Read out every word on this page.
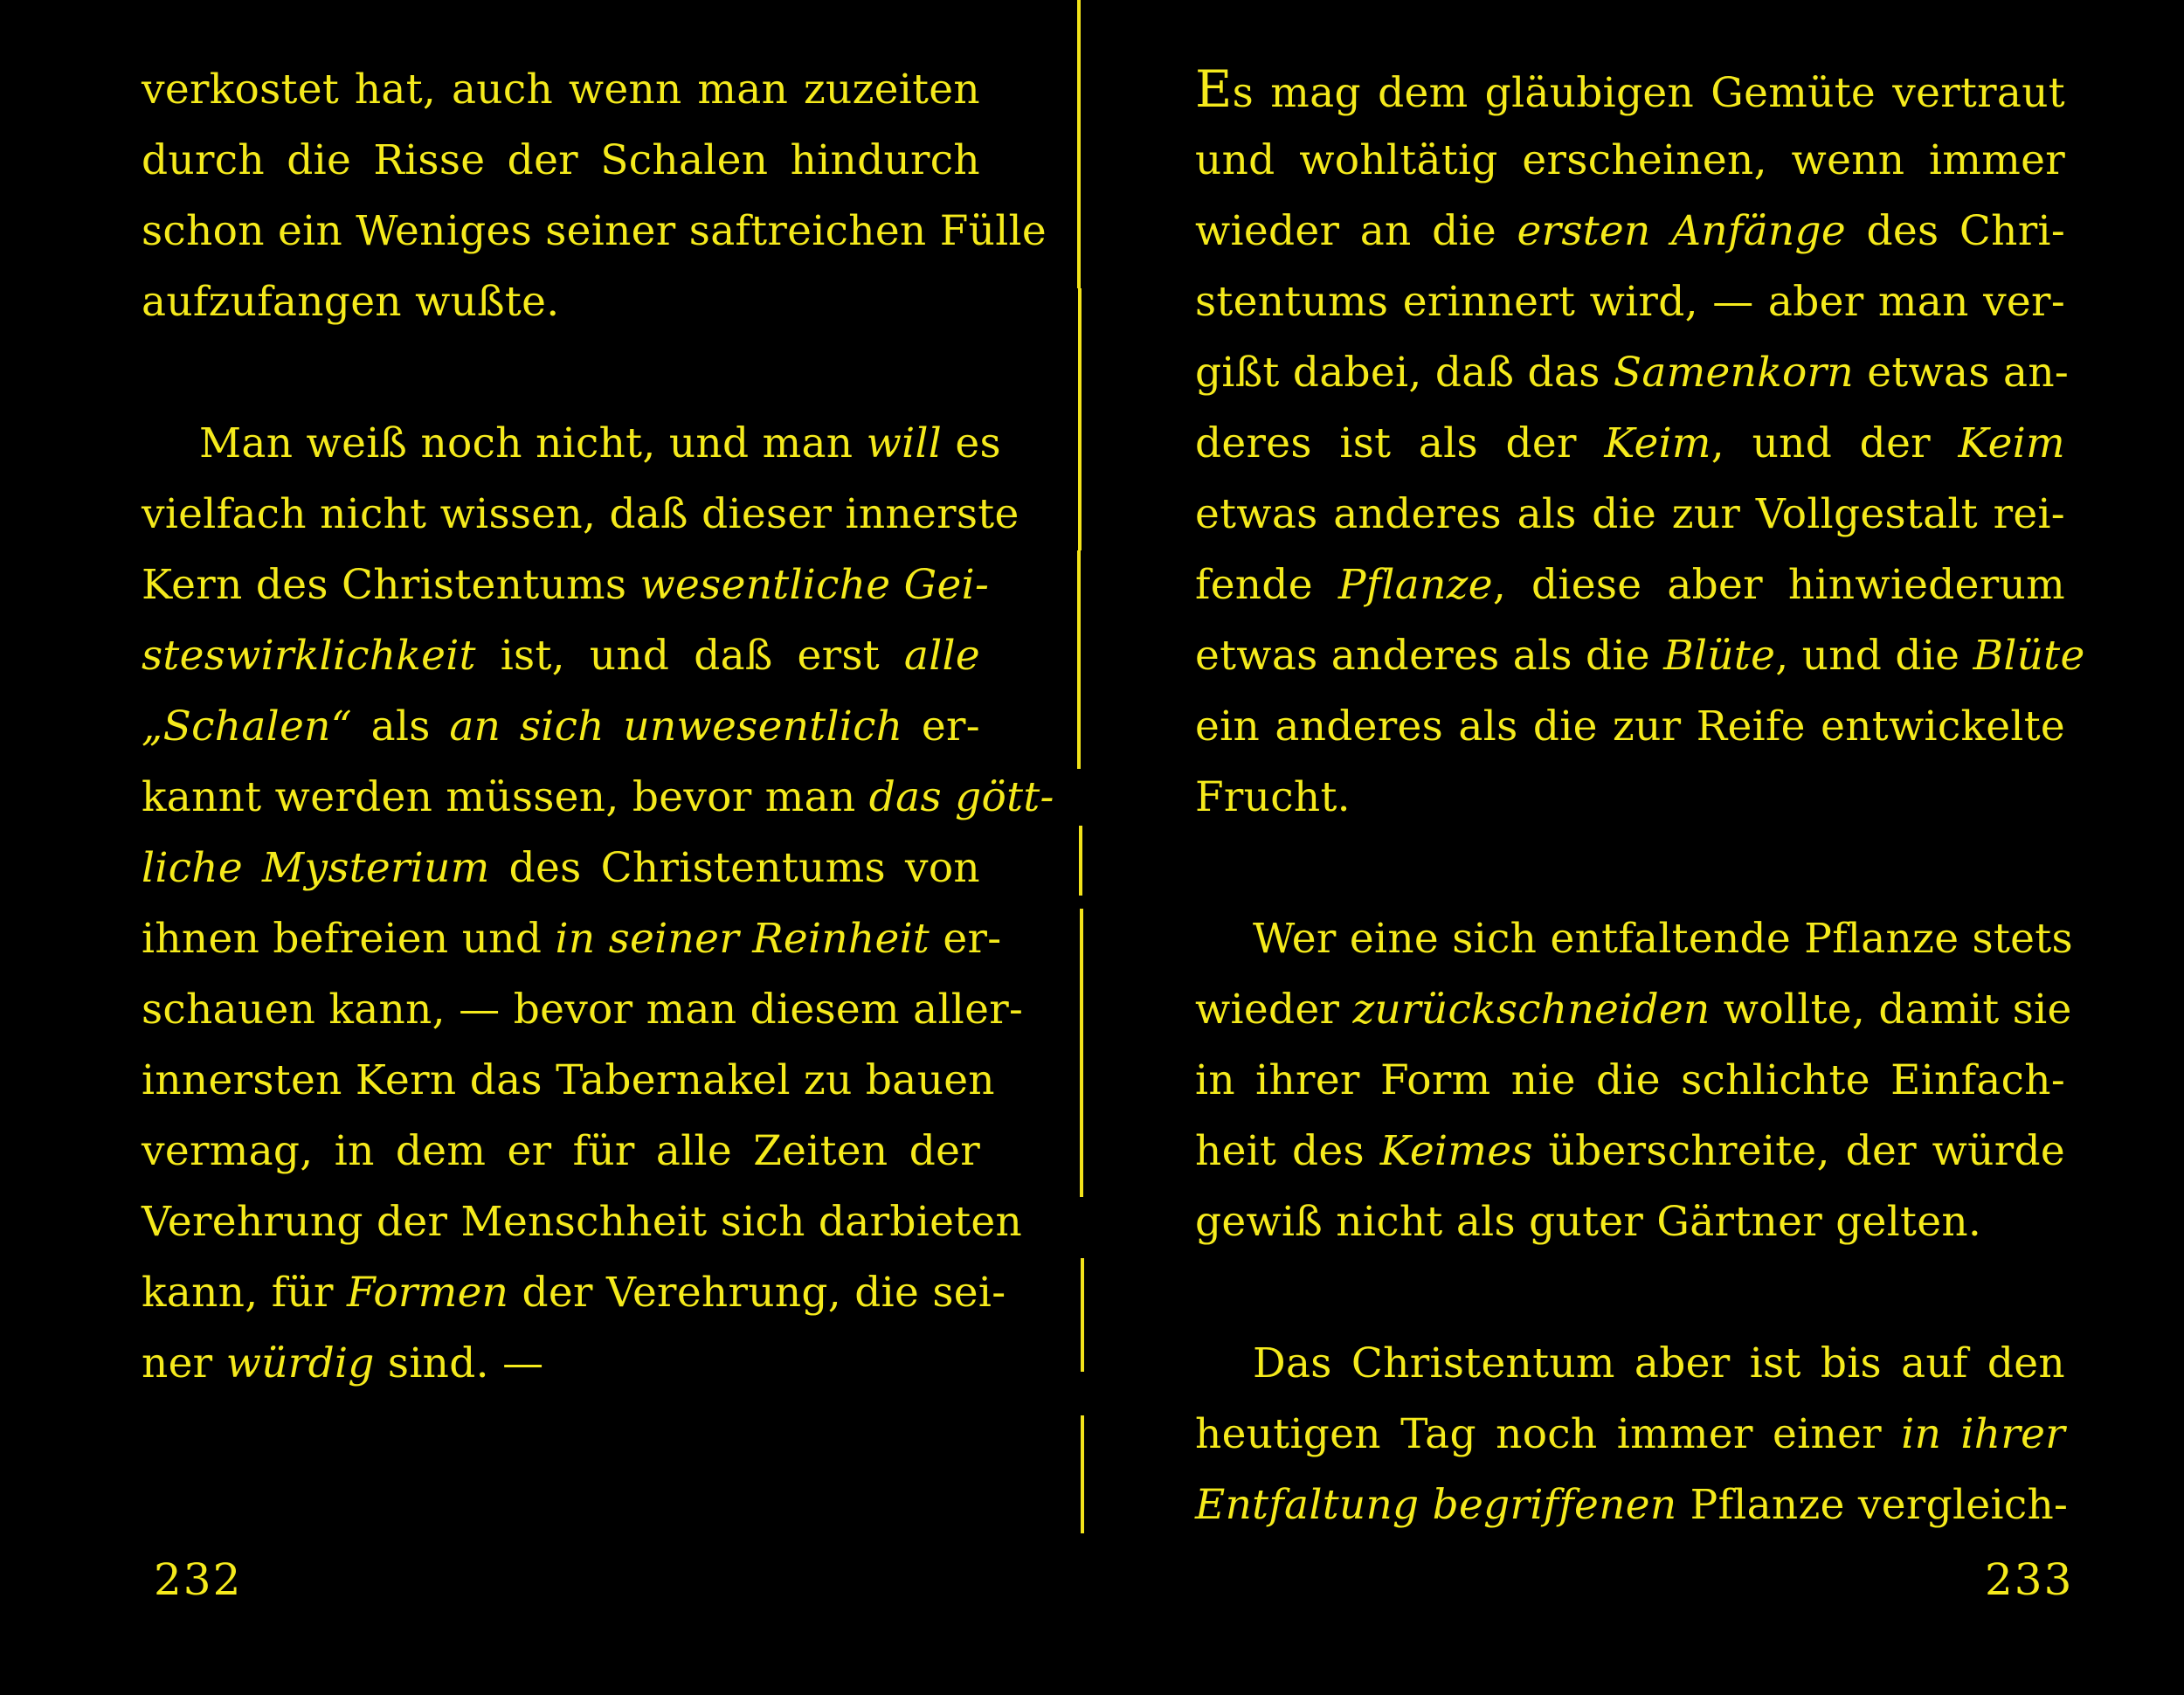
verkostet hat, auch wenn man zuzeiten
durch die Risse der Schalen hindurch
schon ein Weniges seiner saftreichen Fülle
aufzufangen wußte.
Man weiß noch nicht, und man will es
vielfach nicht wissen, daß dieser innerste
Kern des Christentums wesentliche Gei-
steswirklichkeit ist, und daß erst alle
„Schalen“ als an sich unwesentlich er-
kannt werden müssen, bevor man das gött-
liche Mysterium des Christentums von
ihnen befreien und in seiner Reinheit er-
schauen kann, — bevor man diesem aller-
innersten Kern das Tabernakel zu bauen
vermag, in dem er für alle Zeiten der
Verehrung der Menschheit sich darbieten
kann, für Formen der Verehrung, die sei-
ner würdig sind. —
232
Es mag dem gläubigen Gemüte vertraut
und wohltätig erscheinen, wenn immer
wieder an die ersten Anfänge des Chri-
stentums erinnert wird, — aber man ver-
gißt dabei, daß das Samenkorn etwas an-
deres ist als der Keim, und der Keim
etwas anderes als die zur Vollgestalt rei-
fende Pflanze, diese aber hinwiederum
etwas anderes als die Blüte, und die Blüte
ein anderes als die zur Reife entwickelte
Frucht.
Wer eine sich entfaltende Pflanze stets
wieder zurückschneiden wollte, damit sie
in ihrer Form nie die schlichte Einfach-
heit des Keimes überschreite, der würde
gewiß nicht als guter Gärtner gelten.
Das Christentum aber ist bis auf den
heutigen Tag noch immer einer in ihrer
Entfaltung begriffenen Pflanze vergleich-
233
